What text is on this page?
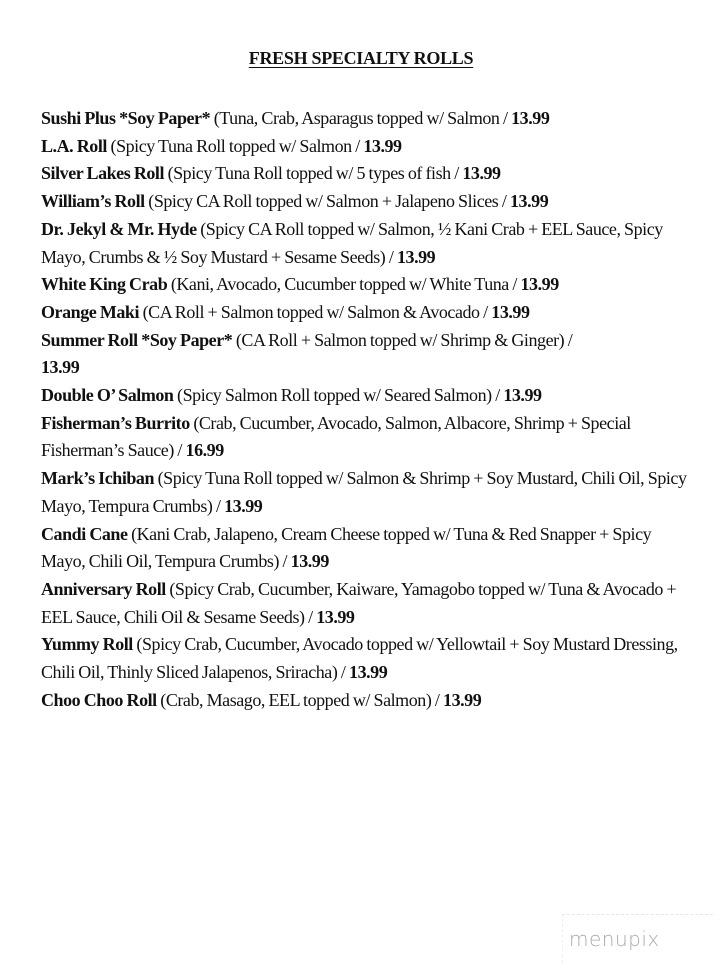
FRESH SPECIALTY ROLLS

Sushi Plus *Soy Paper* (Tuna, Crab, Asparagus topped w/ Salmon / 13.99

L.A. Roll (Spicy Tuna Roll topped w/ Salmon / 13.99

Silver Lakes Roll (Spicy Tuna Roll topped w/ 5 types of fish / 13.99

William’s Roll (Spicy CA Roll topped w/ Salmon + Jalapeno Slices / 13.99

Dr. Jekyl & Mr. Hyde (Spicy CA Roll topped w/ Salmon, ½ Kani Crab + EEL Sauce, Spicy Mayo, Crumbs & ½ Soy Mustard + Sesame Seeds) / 13.99

White King Crab (Kani, Avocado, Cucumber topped w/ White Tuna / 13.99

Orange Maki (CA Roll + Salmon topped w/ Salmon & Avocado / 13.99

Summer Roll *Soy Paper* (CA Roll + Salmon topped w/ Shrimp & Ginger) /
13.99

Double O’ Salmon (Spicy Salmon Roll topped w/ Seared Salmon) / 13.99

Fisherman’s Burrito (Crab, Cucumber, Avocado, Salmon, Albacore, Shrimp + Special Fisherman’s Sauce) / 16.99

Mark’s Ichiban (Spicy Tuna Roll topped w/ Salmon & Shrimp + Soy Mustard, Chili Oil, Spicy Mayo, Tempura Crumbs) / 13.99

Candi Cane (Kani Crab, Jalapeno, Cream Cheese topped w/ Tuna & Red Snapper + Spicy Mayo, Chili Oil, Tempura Crumbs) / 13.99

Anniversary Roll (Spicy Crab, Cucumber, Kaiware, Yamagobo topped w/ Tuna & Avocado + EEL Sauce, Chili Oil & Sesame Seeds) / 13.99

Yummy Roll (Spicy Crab, Cucumber, Avocado topped w/ Yellowtail + Soy Mustard Dressing, Chili Oil, Thinly Sliced Jalapenos, Sriracha) / 13.99

Choo Choo Roll (Crab, Masago, EEL topped w/ Salmon) / 13.99

menupix
